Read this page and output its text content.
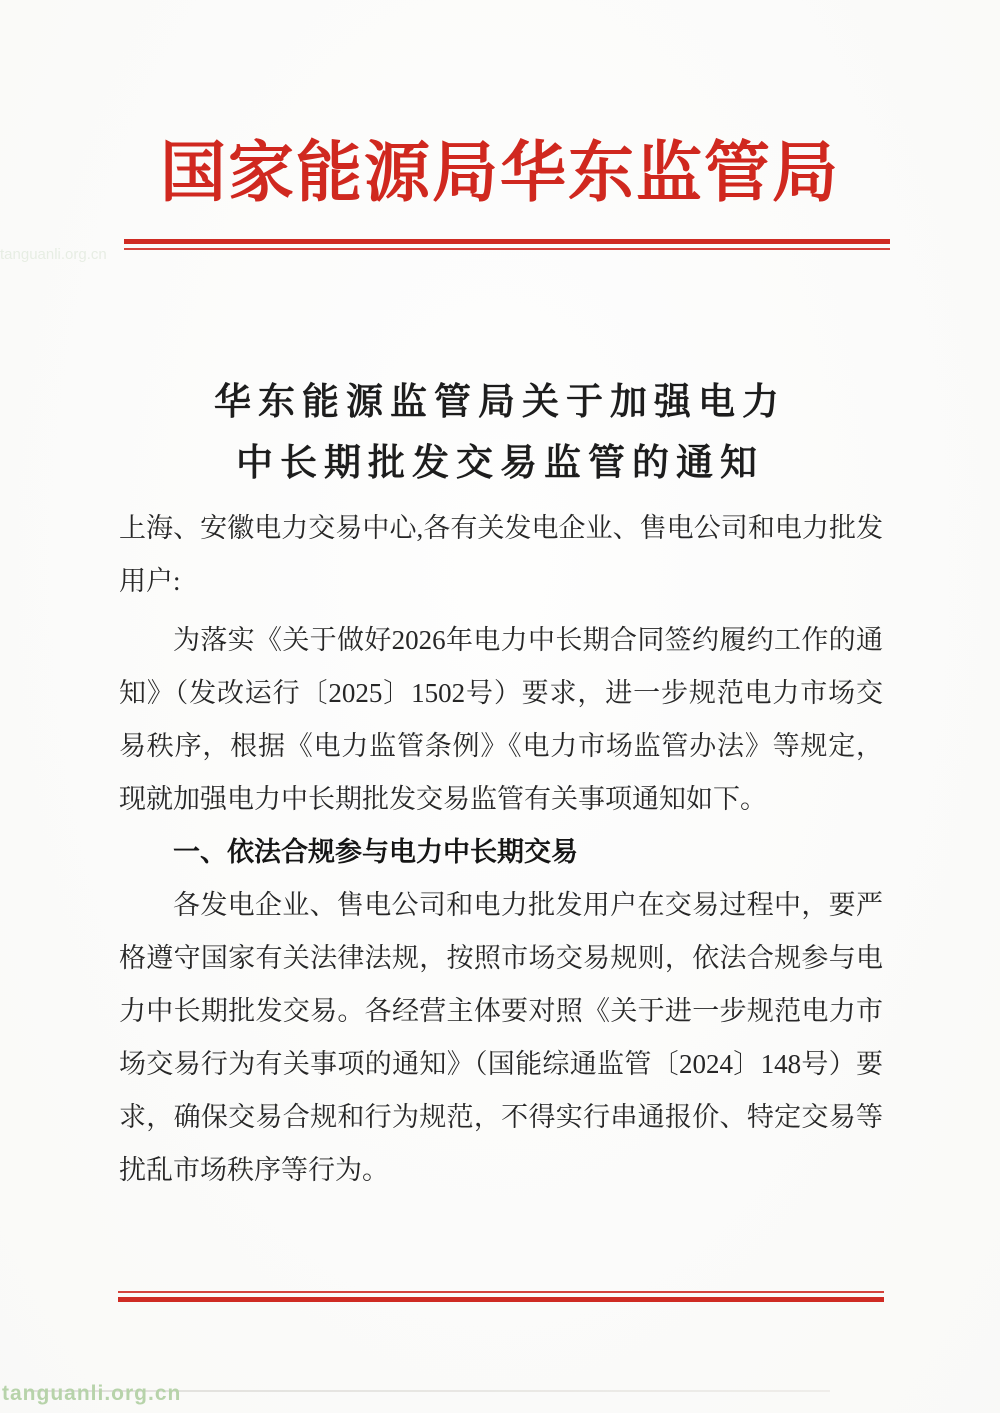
国家能源局华东监管局
华东能源监管局关于加强电力
中长期批发交易监管的通知

上海、安徽电力交易中心,各有关发电企业、售电公司和电力批发用户:

为落实《关于做好2026年电力中长期合同签约履约工作的通知》（发改运行〔2025〕1502号）要求，进一步规范电力市场交易秩序，根据《电力监管条例》《电力市场监管办法》等规定，现就加强电力中长期批发交易监管有关事项通知如下。

一、依法合规参与电力中长期交易

各发电企业、售电公司和电力批发用户在交易过程中，要严格遵守国家有关法律法规，按照市场交易规则，依法合规参与电力中长期批发交易。各经营主体要对照《关于进一步规范电力市场交易行为有关事项的通知》（国能综通监管〔2024〕148号）要求，确保交易合规和行为规范，不得实行串通报价、特定交易等扰乱市场秩序等行为。

tanguanli.org.cn
tanguanli.org.cn
